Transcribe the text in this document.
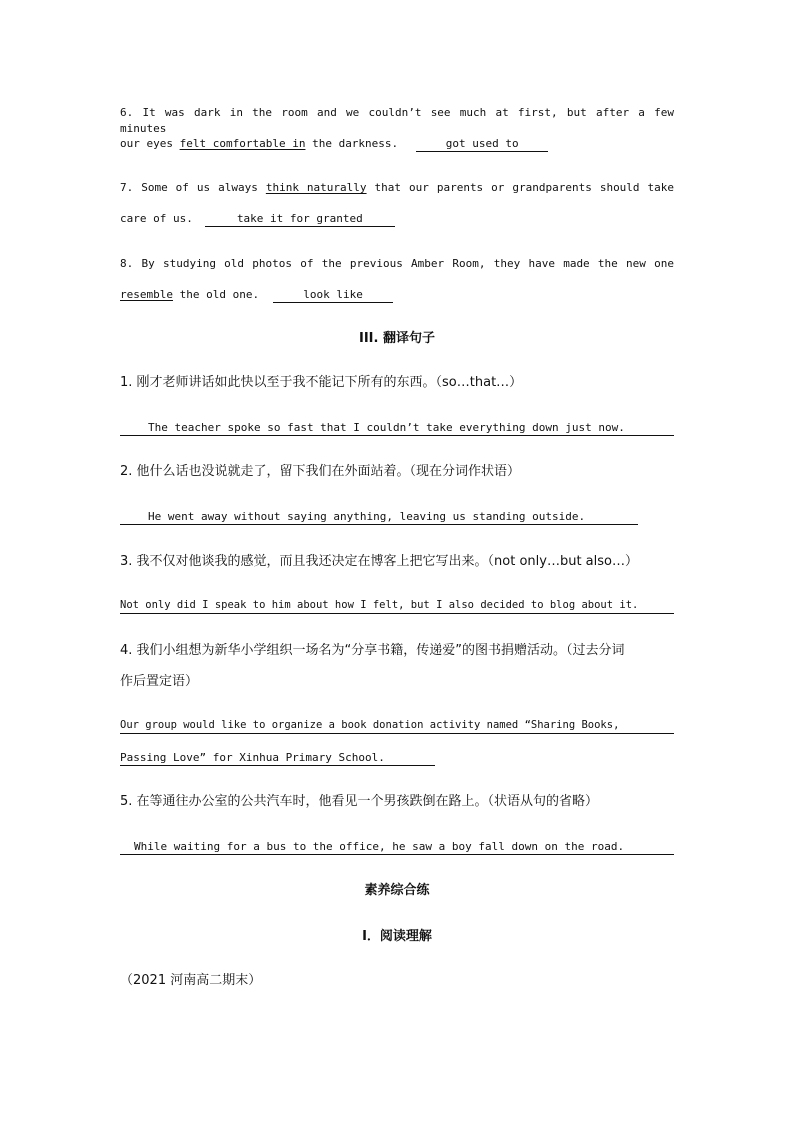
6. It was dark in the room and we couldn’t see much at first, but after a few minutes
our eyes felt comfortable in the darkness.	got used to
7. Some of us always think naturally that our parents or grandparents should take
care of us.	take it for granted
8. By studying old photos of the previous Amber Room, they have made the new one
resemble the old one.	look like
III. 翻译句子
1. 刚才老师讲话如此快以至于我不能记下所有的东西。（so…that…）
The teacher spoke so fast that I couldn’t take everything down just now.
2. 他什么话也没说就走了，留下我们在外面站着。（现在分词作状语）
He went away without saying anything, leaving us standing outside.
3. 我不仅对他谈我的感觉，而且我还决定在博客上把它写出来。（not only…but also…）
Not only did I speak to him about how I felt, but I also decided to blog about it.
4. 我们小组想为新华小学组织一场名为“分享书籍，传递爱”的图书捐赠活动。（过去分词
作后置定语）
Our group would like to organize a book donation activity named “Sharing Books,
Passing Love” for Xinhua Primary School.
5. 在等通往办公室的公共汽车时，他看见一个男孩跌倒在路上。（状语从句的省略）
While waiting for a bus to the office, he saw a boy fall down on the road.
素养综合练
I．阅读理解
（2021 河南高二期末）
